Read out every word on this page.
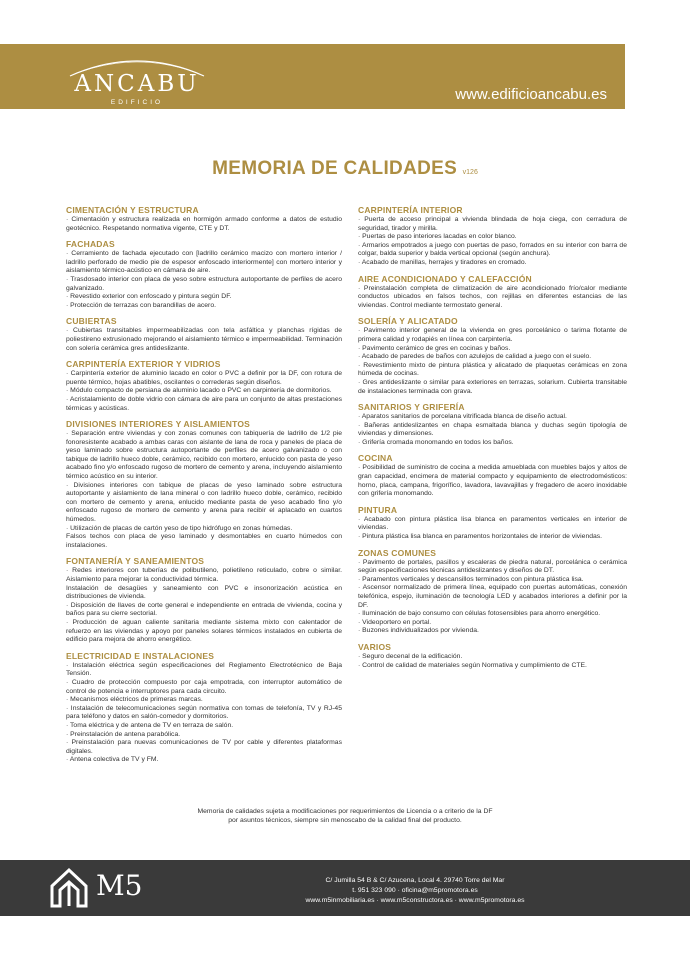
ANCABU
EDIFICIO	www.edificioancabu.es
MEMORIA DE CALIDADES v126
CIMENTACIÓN Y ESTRUCTURA
· Cimentación y estructura realizada en hormigón armado conforme a datos de estudio geotécnico. Respetando normativa vigente, CTE y DT.
FACHADAS
· Cerramiento de fachada ejecutado con [ladrillo cerámico macizo con mortero interior / ladrillo perforado de medio pie de espesor enfoscado interiormente] con mortero interior y aislamiento térmico-acústico en cámara de aire.
· Trasdosado interior con placa de yeso sobre estructura autoportante de perfiles de acero galvanizado.
· Revestido exterior con enfoscado y pintura según DF.
· Protección de terrazas con barandillas de acero.
CUBIERTAS
· Cubiertas transitables impermeabilizadas con tela asfáltica y planchas rígidas de poliestireno extrusionado mejorando el aislamiento térmico e impermeabilidad. Terminación con solería cerámica gres antideslizante.
CARPINTERÍA EXTERIOR Y VIDRIOS
· Carpintería exterior de aluminio lacado en color o PVC a definir por la DF, con rotura de puente térmico, hojas abatibles, oscilantes o correderas según diseños.
· Módulo compacto de persiana de aluminio lacado o PVC en carpintería de dormitorios.
· Acristalamiento de doble vidrio con cámara de aire para un conjunto de altas prestaciones térmicas y acústicas.
DIVISIONES INTERIORES Y AISLAMIENTOS
· Separación entre viviendas y con zonas comunes con tabiquería de ladrillo de 1/2 pie fonoresistente acabado a ambas caras con aislante de lana de roca y paneles de placa de yeso laminado sobre estructura autoportante de perfiles de acero galvanizado o con tabique de ladrillo hueco doble, cerámico, recibido con mortero, enlucido con pasta de yeso acabado fino y/o enfoscado rugoso de mortero de cemento y arena, incluyendo aislamiento térmico acústico en su interior.
· Divisiones interiores con tabique de placas de yeso laminado sobre estructura autoportante y aislamiento de lana mineral o con ladrillo hueco doble, cerámico, recibido con mortero de cemento y arena, enlucido mediante pasta de yeso acabado fino y/o enfoscado rugoso de mortero de cemento y arena para recibir el aplacado en cuartos húmedos.
· Utilización de placas de cartón yeso de tipo hidrófugo en zonas húmedas.
Falsos techos con placa de yeso laminado y desmontables en cuarto húmedos con instalaciones.
FONTANERÍA Y SANEAMIENTOS
· Redes interiores con tuberías de polibutileno, polietileno reticulado, cobre o similar. Aislamiento para mejorar la conductividad térmica.
Instalación de desagües y saneamiento con PVC e insonorización acústica en distribuciones de vivienda.
· Disposición de llaves de corte general e independiente en entrada de vivienda, cocina y baños para su cierre sectorial.
· Producción de aguan caliente sanitaria mediante sistema mixto con calentador de refuerzo en las viviendas y apoyo por paneles solares térmicos instalados en cubierta de edificio para mejora de ahorro energético.
ELECTRICIDAD E INSTALACIONES
· Instalación eléctrica según especificaciones del Reglamento Electrotécnico de Baja Tensión.
· Cuadro de protección compuesto por caja empotrada, con interruptor automático de control de potencia e interruptores para cada circuito.
· Mecanismos eléctricos de primeras marcas.
· Instalación de telecomunicaciones según normativa con tomas de telefonía, TV y RJ-45 para teléfono y datos en salón-comedor y dormitorios.
· Toma eléctrica y de antena de TV en terraza de salón.
· Preinstalación de antena parabólica.
· Preinstalación para nuevas comunicaciones de TV por cable y diferentes plataformas digitales.
· Antena colectiva de TV y FM.
CARPINTERÍA INTERIOR
· Puerta de acceso principal a vivienda blindada de hoja ciega, con cerradura de seguridad, tirador y mirilla.
· Puertas de paso interiores lacadas en color blanco.
· Armarios empotrados a juego con puertas de paso, forrados en su interior con barra de colgar, balda superior y balda vertical opcional (según anchura).
· Acabado de manillas, herrajes y tiradores en cromado.
AIRE ACONDICIONADO Y CALEFACCIÓN
· Preinstalación completa de climatización de aire acondicionado frío/calor mediante conductos ubicados en falsos techos, con rejillas en diferentes estancias de las viviendas. Control mediante termostato general.
SOLERÍA Y ALICATADO
· Pavimento interior general de la vivienda en gres porcelánico o tarima flotante de primera calidad y rodapiés en línea con carpintería.
· Pavimento cerámico de gres en cocinas y baños.
· Acabado de paredes de baños con azulejos de calidad a juego con el suelo.
· Revestimiento mixto de pintura plástica y alicatado de plaquetas cerámicas en zona húmeda de cocinas.
· Gres antideslizante o similar para exteriores en terrazas, solarium. Cubierta transitable de instalaciones terminada con grava.
SANITARIOS Y GRIFERÍA
· Aparatos sanitarios de porcelana vitrificada blanca de diseño actual.
· Bañeras antideslizantes en chapa esmaltada blanca y duchas según tipología de viviendas y dimensiones.
· Grifería cromada monomando en todos los baños.
COCINA
· Posibilidad de suministro de cocina a medida amueblada con muebles bajos y altos de gran capacidad, encimera de material compacto y equipamiento de electrodomésticos: horno, placa, campana, frigorífico, lavadora, lavavajillas y fregadero de acero inoxidable con grifería monomando.
PINTURA
· Acabado con pintura plástica lisa blanca en paramentos verticales en interior de viviendas.
· Pintura plástica lisa blanca en paramentos horizontales de interior de viviendas.
ZONAS COMUNES
· Pavimento de portales, pasillos y escaleras de piedra natural, porcelánica o cerámica según especificaciones técnicas antideslizantes y diseños de DT.
· Paramentos verticales y descansillos terminados con pintura plástica lisa.
· Ascensor normalizado de primera línea, equipado con puertas automáticas, conexión telefónica, espejo, iluminación de tecnología LED y acabados interiores a definir por la DF.
· Iluminación de bajo consumo con células fotosensibles para ahorro energético.
· Videoportero en portal.
· Buzones individualizados por vivienda.
VARIOS
· Seguro decenal de la edificación.
· Control de calidad de materiales según Normativa y cumplimiento de CTE.
Memoria de calidades sujeta a modificaciones por requerimientos de Licencia o a criterio de la DF
por asuntos técnicos, siempre sin menoscabo de la calidad final del producto.
M5	C/ Jumilla 54 B & C/ Azucena, Local 4. 29740 Torre del Mar
t. 951 323 090 · oficina@m5promotora.es
www.m5inmobiliaria.es · www.m5constructora.es · www.m5promotora.es
